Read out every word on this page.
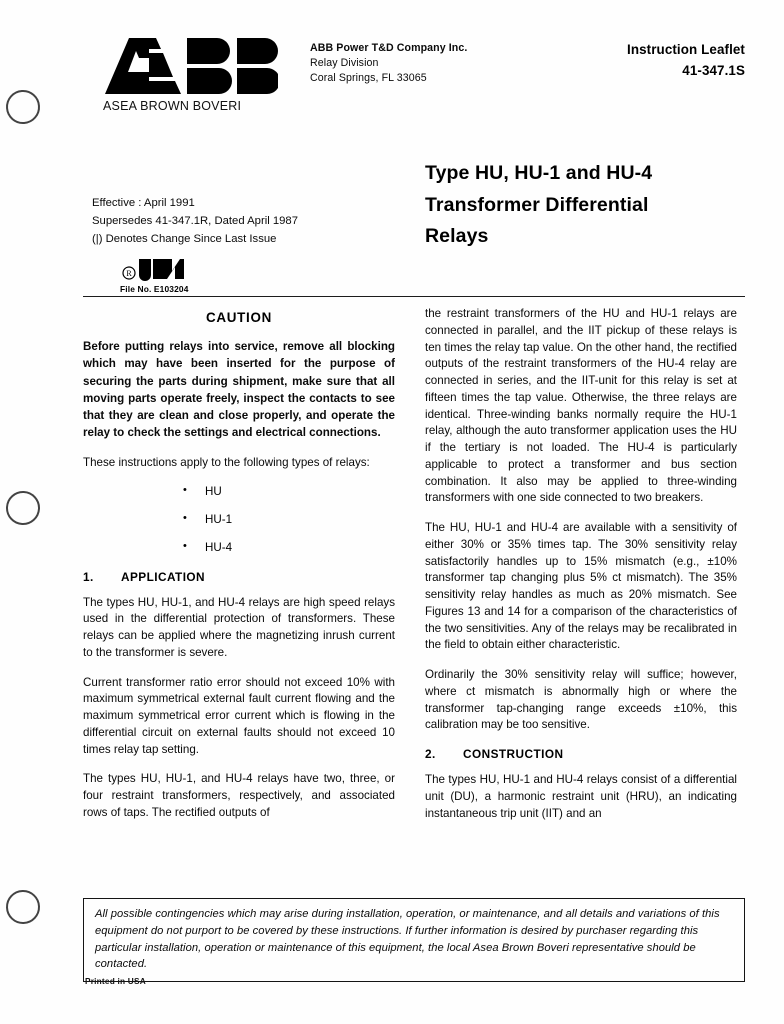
ASEA BROWN BOVERI
ABB Power T&D Company Inc.
Relay Division
Coral Springs, FL 33065
Instruction Leaflet
41-347.1S
Type HU, HU-1 and HU-4
Transformer Differential
Relays
Effective : April 1991
Supersedes 41-347.1R, Dated April 1987
(|) Denotes Change Since Last Issue
R
File No. E103204
CAUTION

Before putting relays into service, remove all blocking which may have been inserted for the purpose of securing the parts during shipment, make sure that all moving parts operate freely, inspect the contacts to see that they are clean and close properly, and operate the relay to check the settings and electrical connections.

These instructions apply to the following types of relays:

• HU
• HU-1
• HU-4
1.	APPLICATION

The types HU, HU-1, and HU-4 relays are high speed relays used in the differential protection of transformers. These relays can be applied where the magnetizing inrush current to the transformer is severe.

Current transformer ratio error should not exceed 10% with maximum symmetrical external fault current flowing and the maximum symmetrical error current which is flowing in the differential circuit on external faults should not exceed 10 times relay tap setting.

The types HU, HU-1, and HU-4 relays have two, three, or four restraint transformers, respectively, and associated rows of taps. The rectified outputs of

the restraint transformers of the HU and HU-1 relays are connected in parallel, and the IIT pickup of these relays is ten times the relay tap value. On the other hand, the rectified outputs of the restraint transformers of the HU-4 relay are connected in series, and the IIT-unit for this relay is set at fifteen times the tap value. Otherwise, the three relays are identical. Three-winding banks normally require the HU-1 relay, although the auto transformer application uses the HU if the tertiary is not loaded. The HU-4 is particularly applicable to protect a transformer and bus section combination. It also may be applied to three-winding transformers with one side connected to two breakers.

The HU, HU-1 and HU-4 are available with a sensitivity of either 30% or 35% times tap. The 30% sensitivity relay satisfactorily handles up to 15% mismatch (e.g., ±10% transformer tap changing plus 5% ct mismatch). The 35% sensitivity relay handles as much as 20% mismatch. See Figures 13 and 14 for a comparison of the characteristics of the two sensitivities. Any of the relays may be recalibrated in the field to obtain either characteristic.

Ordinarily the 30% sensitivity relay will suffice; however, where ct mismatch is abnormally high or where the transformer tap-changing range exceeds ±10%, this calibration may be too sensitive.

2.	CONSTRUCTION

The types HU, HU-1 and HU-4 relays consist of a differential unit (DU), a harmonic restraint unit (HRU), an indicating instantaneous trip unit (IIT) and an

All possible contingencies which may arise during installation, operation, or maintenance, and all details and variations of this equipment do not purport to be covered by these instructions. If further information is desired by purchaser regarding this particular installation, operation or maintenance of this equipment, the local Asea Brown Boveri representative should be contacted.
Printed in USA
